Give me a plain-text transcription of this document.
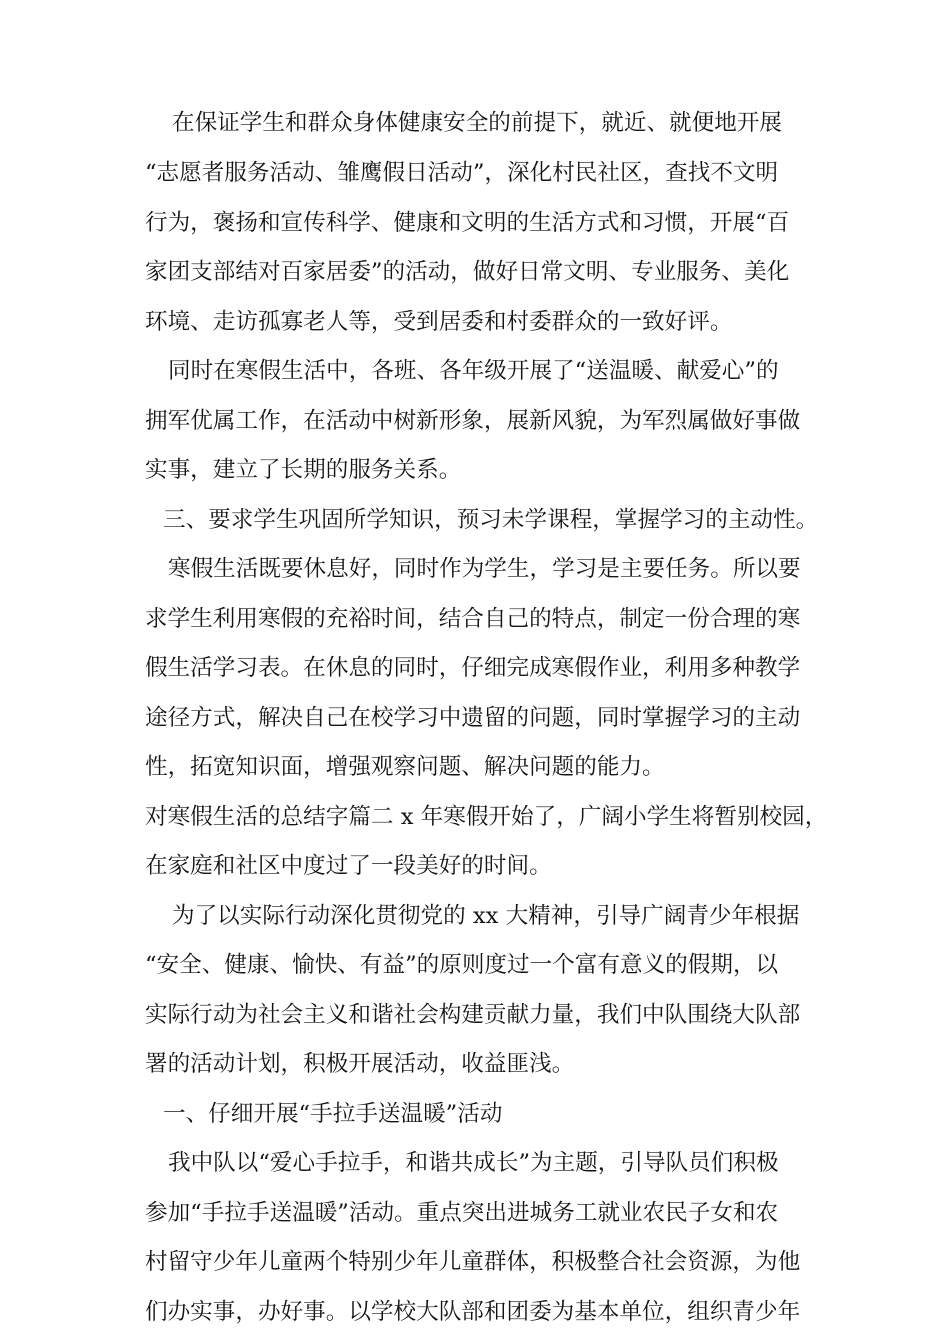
在保证学生和群众身体健康安全的前提下，就近、就便地开展
“志愿者服务活动、雏鹰假日活动”，深化村民社区，查找不文明
行为，褒扬和宣传科学、健康和文明的生活方式和习惯，开展“百
家团支部结对百家居委”的活动，做好日常文明、专业服务、美化
环境、走访孤寡老人等，受到居委和村委群众的一致好评。
同时在寒假生活中，各班、各年级开展了“送温暖、献爱心”的
拥军优属工作，在活动中树新形象，展新风貌，为军烈属做好事做
实事，建立了长期的服务关系。
三、要求学生巩固所学知识，预习未学课程，掌握学习的主动性。
寒假生活既要休息好，同时作为学生，学习是主要任务。所以要
求学生利用寒假的充裕时间，结合自己的特点，制定一份合理的寒
假生活学习表。在休息的同时，仔细完成寒假作业，利用多种教学
途径方式，解决自己在校学习中遗留的问题，同时掌握学习的主动
性，拓宽知识面，增强观察问题、解决问题的能力。
对寒假生活的总结字篇二 x 年寒假开始了，广阔小学生将暂别校园，
在家庭和社区中度过了一段美好的时间。
为了以实际行动深化贯彻党的 xx 大精神，引导广阔青少年根据
“安全、健康、愉快、有益”的原则度过一个富有意义的假期，以
实际行动为社会主义和谐社会构建贡献力量，我们中队围绕大队部
署的活动计划，积极开展活动，收益匪浅。
一、仔细开展“手拉手送温暖”活动
我中队以“爱心手拉手，和谐共成长”为主题，引导队员们积极
参加“手拉手送温暖”活动。重点突出进城务工就业农民子女和农
村留守少年儿童两个特别少年儿童群体，积极整合社会资源，为他
们办实事，办好事。以学校大队部和团委为基本单位，组织青少年
